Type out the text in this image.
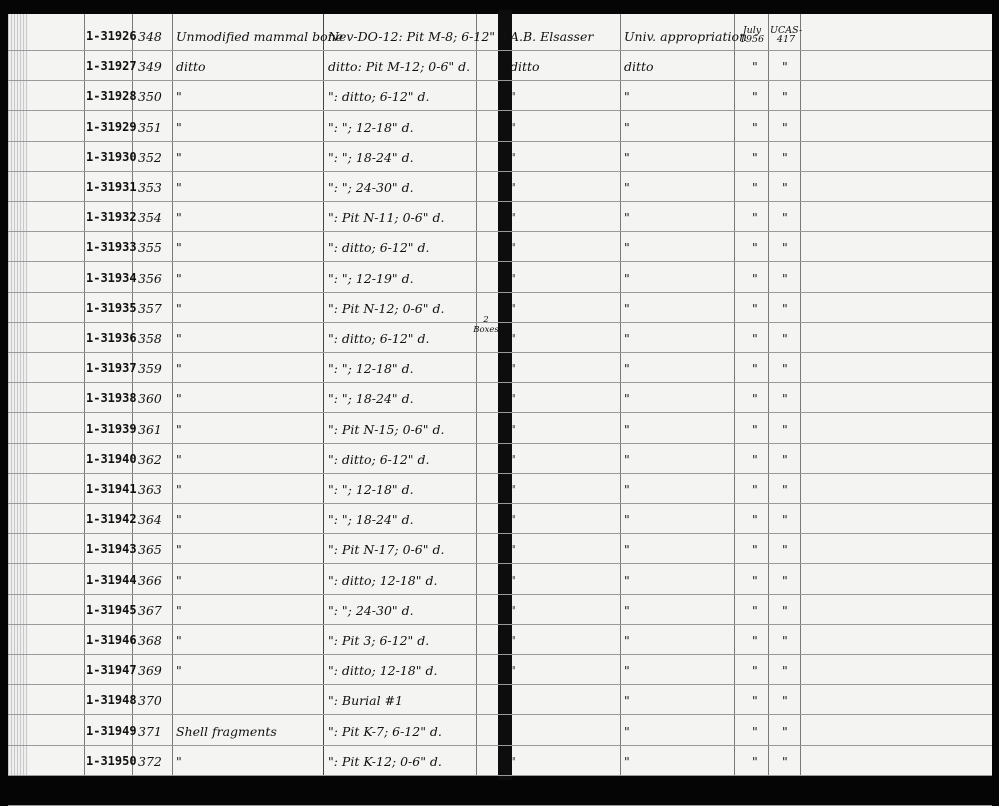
July
1956
UCAS-
417
2
Boxes
1-31926 348 Unmodified mammal bone
Nev-DO-12: Pit M-8; 6-12" d.
A.B. Elsasser Univ. appropriation
1-31927 349 ditto	ditto: Pit M-12; 0-6" d.	ditto	ditto	" "
1-31928 350 "	": ditto; 6-12" d.	"	"	" "
1-31929 351 "	": "; 12-18" d.	"	"	" "
1-31930 352 "	": "; 18-24" d.	"	"	" "
1-31931 353 "	": "; 24-30" d.	"	"	" "
1-31932 354 "	": Pit N-11; 0-6" d.	"	"	" "
1-31933 355 "	": ditto; 6-12" d.	"	"	" "
1-31934 356 "	": "; 12-19" d.	"	"	" "
1-31935 357 "	": Pit N-12; 0-6" d.	"	"	" "
1-31936 358 "	": ditto; 6-12" d.	"	"	" "
1-31937 359 "	": "; 12-18" d.	"	"	" "
1-31938 360 "	": "; 18-24" d.	"	"	" "
1-31939 361 "	": Pit N-15; 0-6" d.	"	"	" "
1-31940 362 "	": ditto; 6-12" d.	"	"	" "
1-31941 363 "	": "; 12-18" d.	"	"	" "
1-31942 364 "	": "; 18-24" d.	"	"	" "
1-31943 365 "	": Pit N-17; 0-6" d.	"	"	" "
1-31944 366 "	": ditto; 12-18" d.	"	"	" "
1-31945 367 "	": "; 24-30" d.	"	"	" "
1-31946 368 "	": Pit 3; 6-12" d.	"	"	" "
1-31947 369 "	": ditto; 12-18" d.	"	"	" "
1-31948 370	": Burial #1	"	" "
1-31949 371 Shell fragments	": Pit K-7; 6-12" d.	"	" "
1-31950 372 "	": Pit K-12; 0-6" d.	"	"	" "
